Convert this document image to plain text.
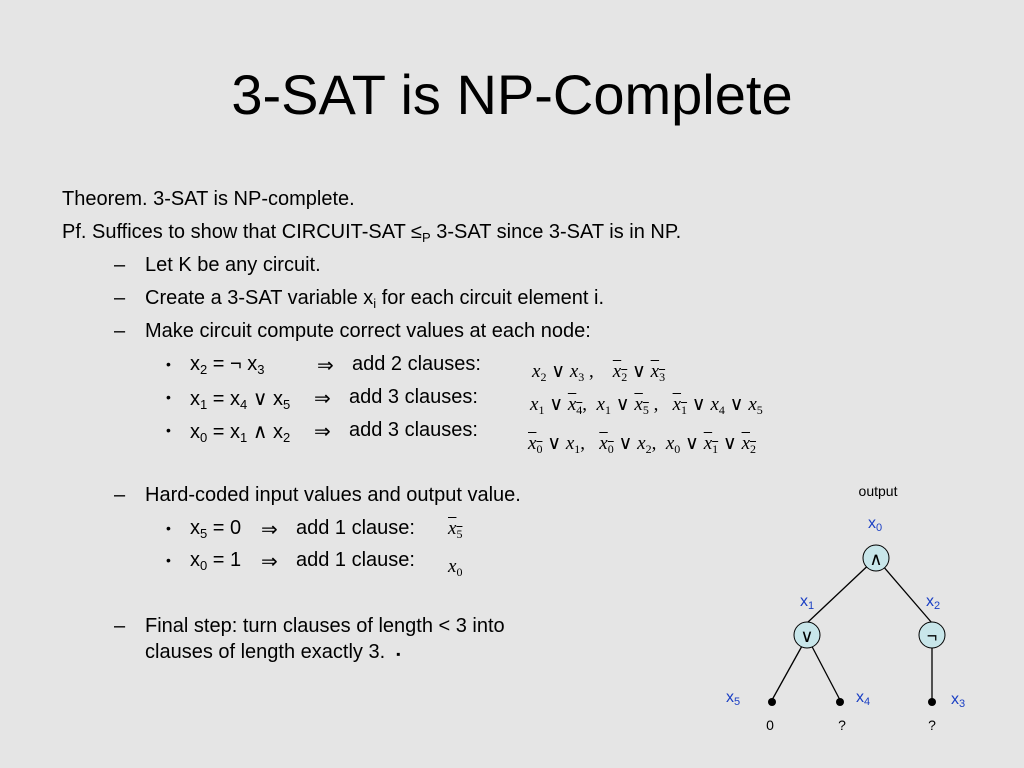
3-SAT is NP-Complete
Theorem. 3-SAT is NP-complete.
Pf. Suffices to show that CIRCUIT-SAT $\le_P$ 3-SAT since 3-SAT is in NP.
– Let K be any circuit.
– Create a 3-SAT variable $x_i$ for each circuit element i.
– Make circuit compute correct values at each node:
• $x_2$ = ¬ $x_3$	⇒ add 2 clauses:
• $x_1 = x_4$ ∨ $x_5$ ⇒ add 3 clauses:
• $x_0 = x_1$ ∧ $x_2$ ⇒ add 3 clauses:
$x_2$ ∨ $x_3$ , $x_2$ ∨ $x_3$
$x_1$ ∨ $x_4$, $x_1$ ∨ $x_5$ , $x_1$ ∨ $x_4$ ∨ $x_5$
$x_0$ ∨ $x_1$, $x_0$ ∨ $x_2$, $x_0$ ∨ $x_1$ ∨ $x_2$
– Hard-coded input values and output value.
• $x_5 = 0$ ⇒ add 1 clause: $x_5$
• $x_0 = 1$ ⇒ add 1 clause: $x_0$
– Final step: turn clauses of length < 3 into
clauses of length exactly 3. ▪
∧
∨	¬
output
x0
x1	x2
x5	x4	x3
0	?	?
